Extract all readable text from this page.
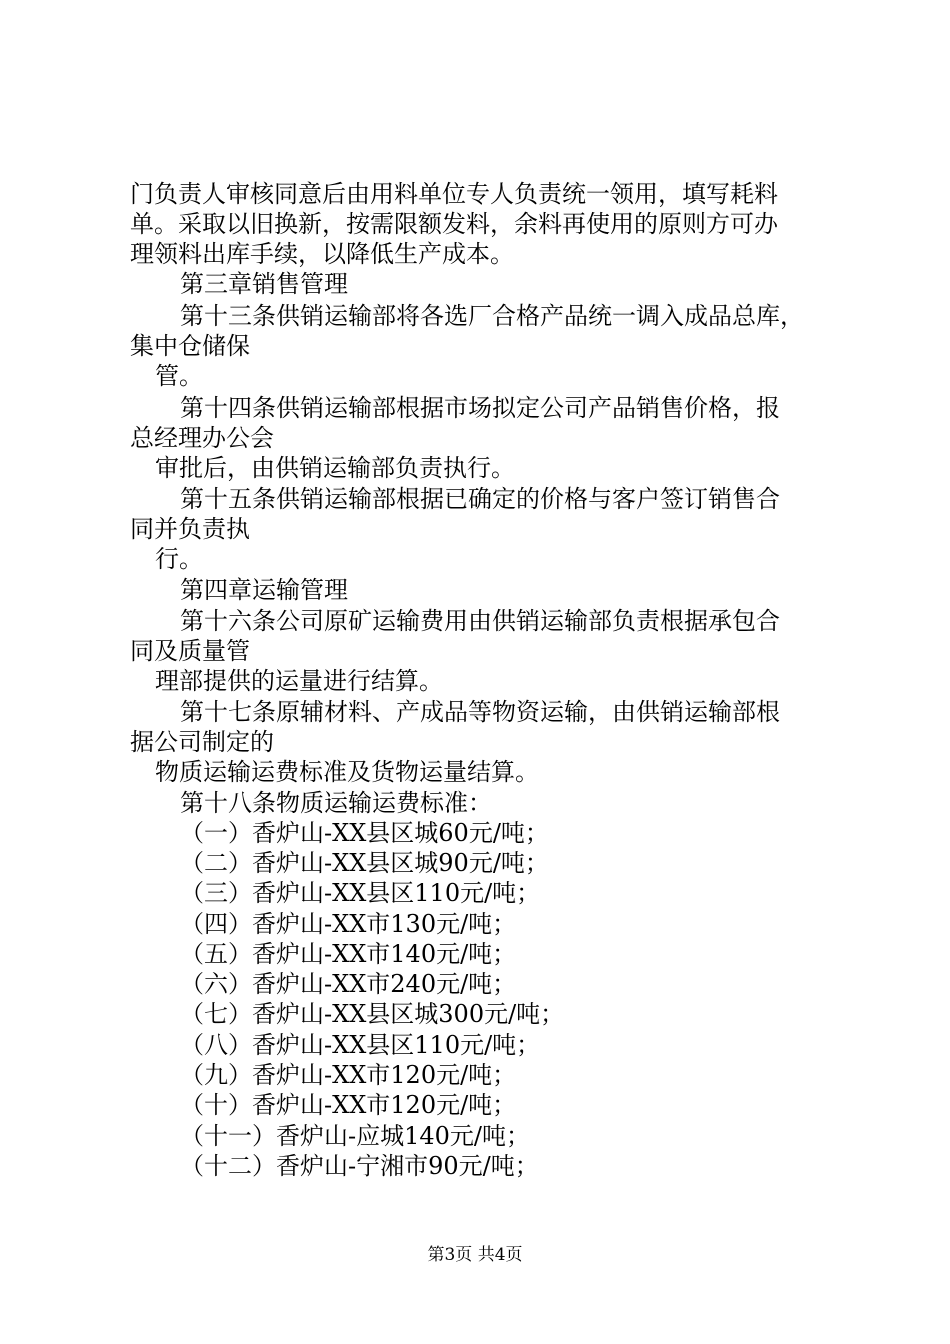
门负责人审核同意后由用料单位专人负责统一领用，填写耗料
单。采取以旧换新，按需限额发料，余料再使用的原则方可办
理领料出库手续，以降低生产成本。
第三章销售管理
第十三条供销运输部将各选厂合格产品统一调入成品总库，
集中仓储保
管。
第十四条供销运输部根据市场拟定公司产品销售价格，报
总经理办公会
审批后，由供销运输部负责执行。
第十五条供销运输部根据已确定的价格与客户签订销售合
同并负责执
行。
第四章运输管理
第十六条公司原矿运输费用由供销运输部负责根据承包合
同及质量管
理部提供的运量进行结算。
第十七条原辅材料、产成品等物资运输，由供销运输部根
据公司制定的
物质运输运费标准及货物运量结算。
第十八条物质运输运费标准：
（一）香炉山-XX县区城60元/吨；
（二）香炉山-XX县区城90元/吨；
（三）香炉山-XX县区110元/吨；
（四）香炉山-XX市130元/吨；
（五）香炉山-XX市140元/吨；
（六）香炉山-XX市240元/吨；
（七）香炉山-XX县区城300元/吨；
（八）香炉山-XX县区110元/吨；
（九）香炉山-XX市120元/吨；
（十）香炉山-XX市120元/吨；
（十一）香炉山-应城140元/吨；
（十二）香炉山-宁湘市90元/吨；
第3页 共4页
